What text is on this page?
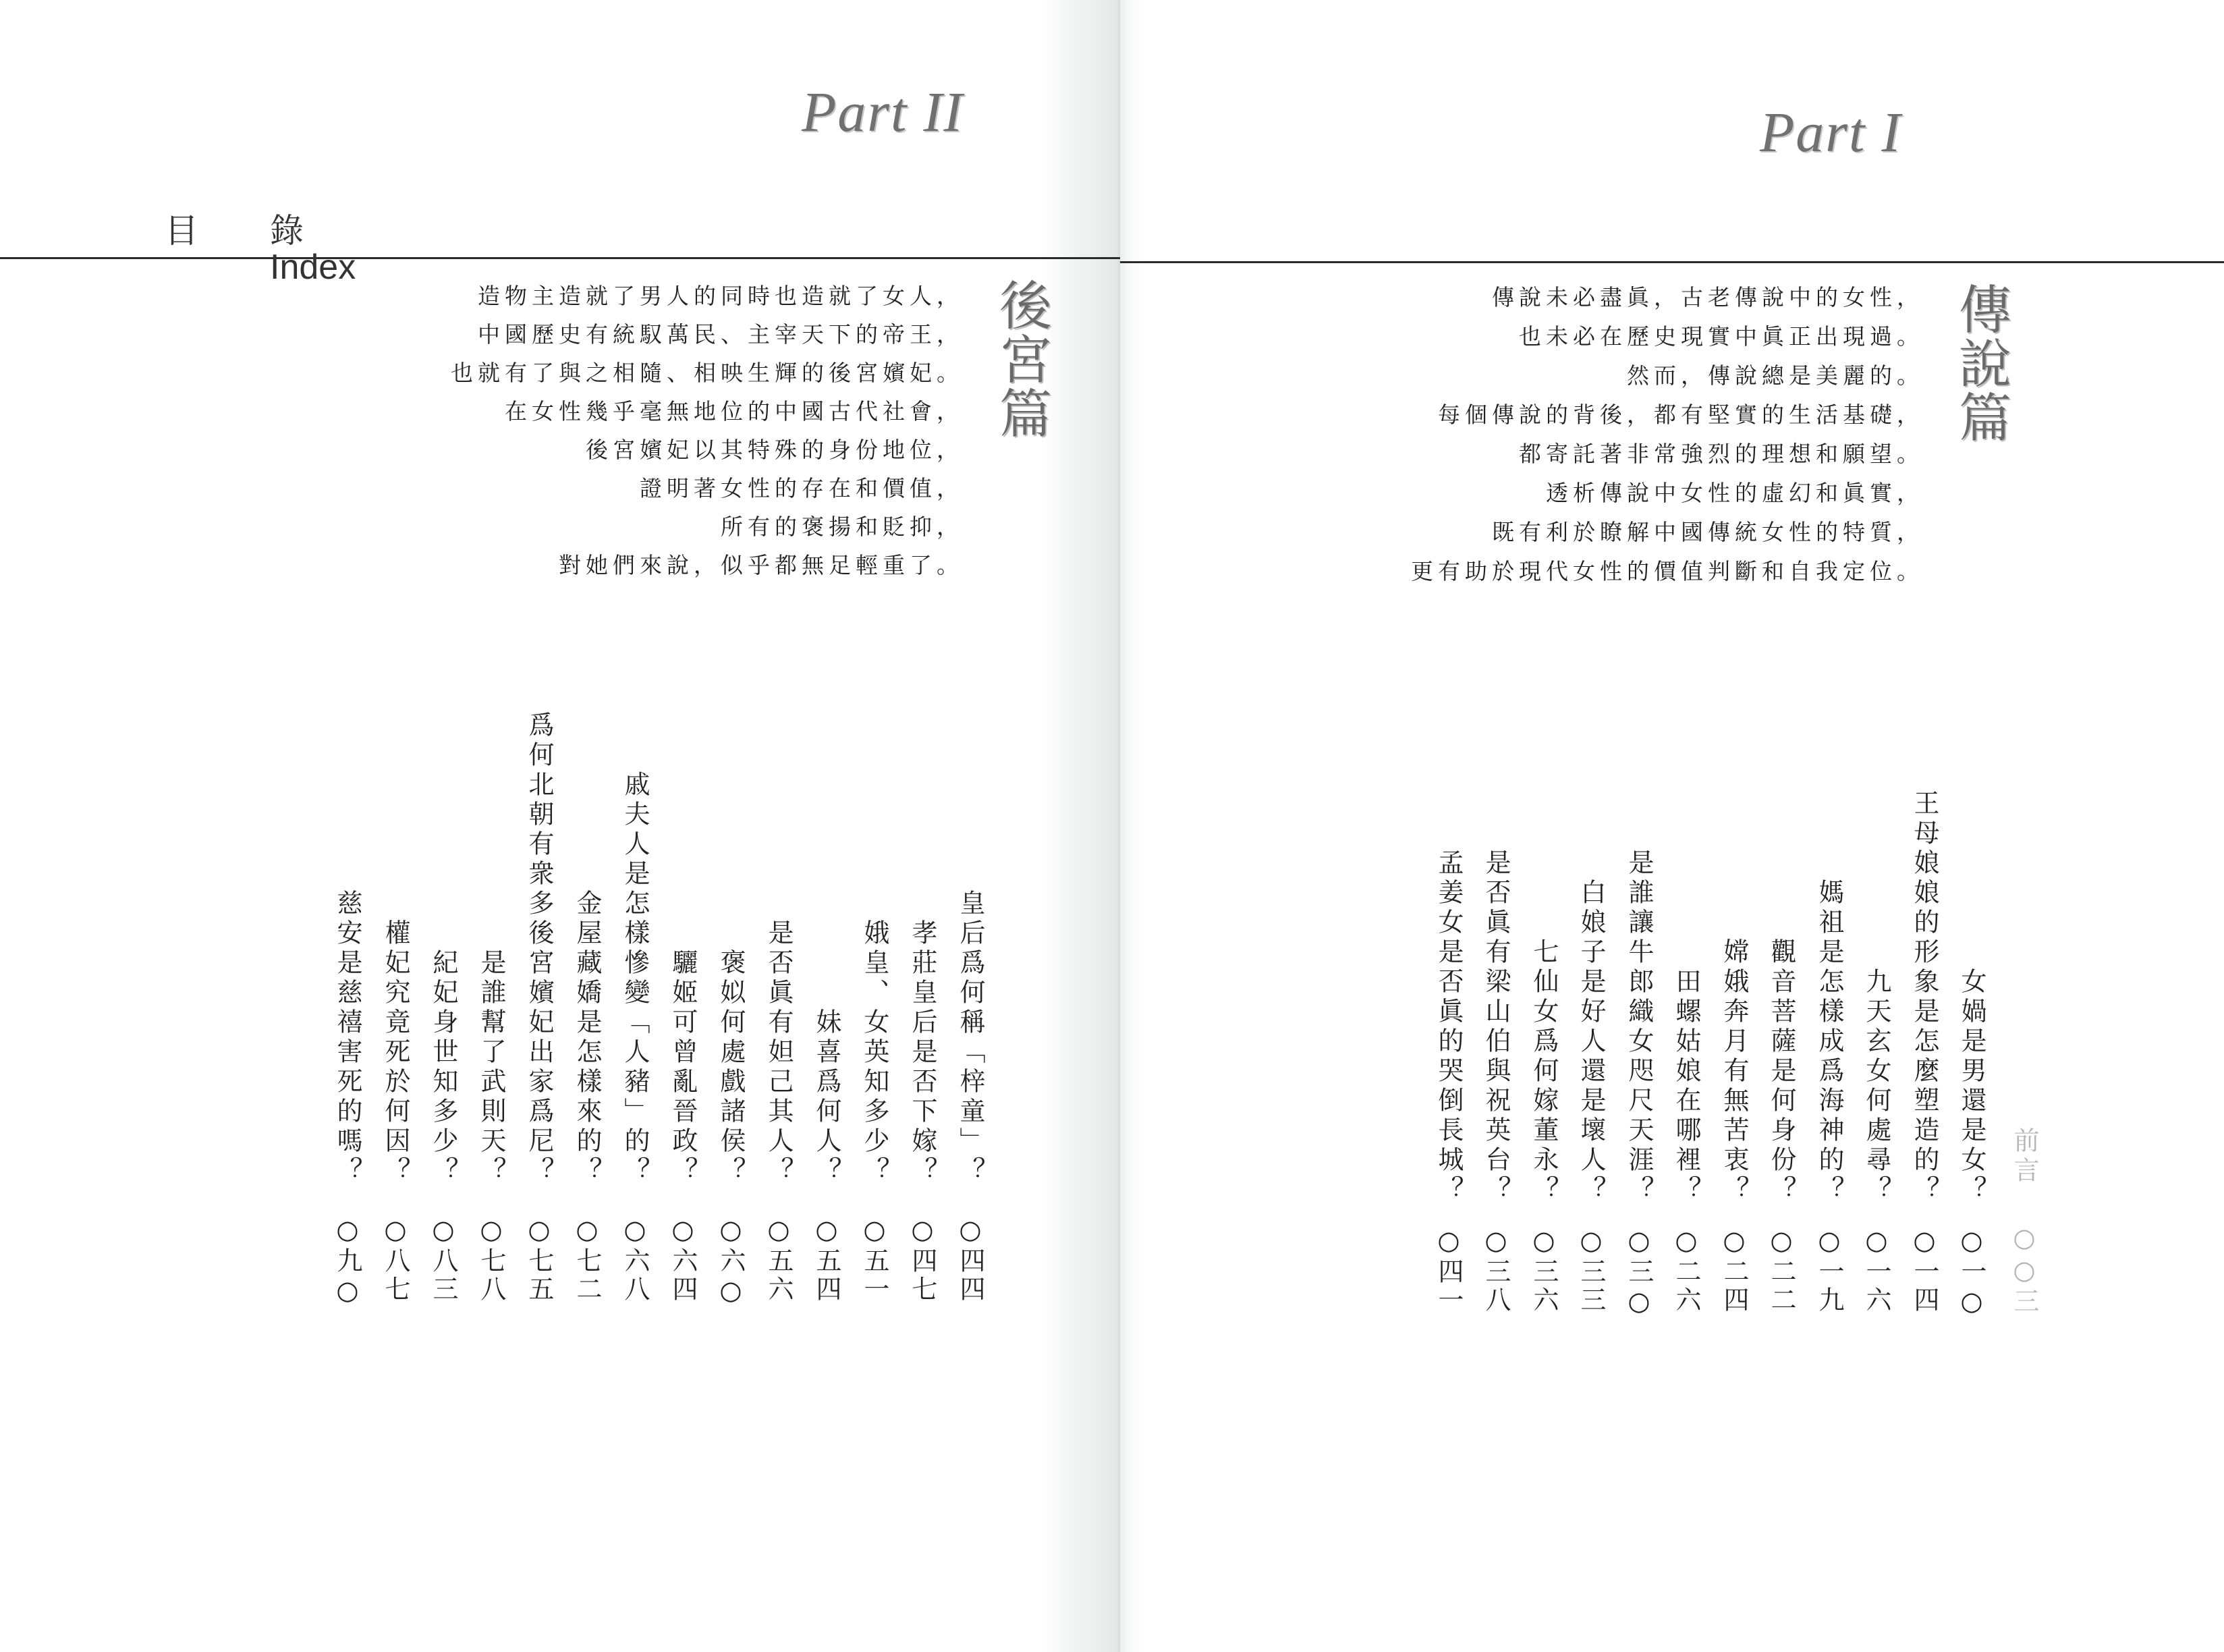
Part II	Part I
目 錄
Index
造物主造就了男人的同時也造就了女人，
中國歷史有統馭萬民、主宰天下的帝王，
也就有了與之相隨、相映生輝的後宮嬪妃。
在女性幾乎毫無地位的中國古代社會，
後宮嬪妃以其特殊的身份地位，
證明著女性的存在和價值，
所有的褒揚和貶抑，
對她們來說，似乎都無足輕重了。
後宮篇
皇后爲何稱「梓童」？
○四四
孝莊皇后是否下嫁？
○四七
娥皇、女英知多少？
○五一
妹喜爲何人？
○五四
是否眞有妲己其人？
○五六
褒姒何處戲諸侯？
○六○
驪姬可曾亂晉政？
○六四
戚夫人是怎樣慘變「人豬」的？
○六八
金屋藏嬌是怎樣來的？
○七二
爲何北朝有衆多後宮嬪妃出家爲尼？
○七五
是誰幫了武則天？
○七八
紀妃身世知多少？
○八三
權妃究竟死於何因？
○八七
慈安是慈禧害死的嗎？
○九○
傳說未必盡眞，古老傳說中的女性，
也未必在歷史現實中眞正出現過。
然而，傳說總是美麗的。
每個傳說的背後，都有堅實的生活基礎，
都寄託著非常強烈的理想和願望。
透析傳說中女性的虛幻和眞實，
既有利於瞭解中國傳統女性的特質，
更有助於現代女性的價值判斷和自我定位。
傳說篇
前言
○○三
女媧是男還是女？
○一○
王母娘娘的形象是怎麼塑造的？
○一四
九天玄女何處尋？
○一六
媽祖是怎樣成爲海神的？
○一九
觀音菩薩是何身份？
○二二
嫦娥奔月有無苦衷？
○二四
田螺姑娘在哪裡？
○二六
是誰讓牛郎織女咫尺天涯？
○三○
白娘子是好人還是壞人？
○三三
七仙女爲何嫁董永？
○三六
是否眞有梁山伯與祝英台？
○三八
孟姜女是否眞的哭倒長城？
○四一
